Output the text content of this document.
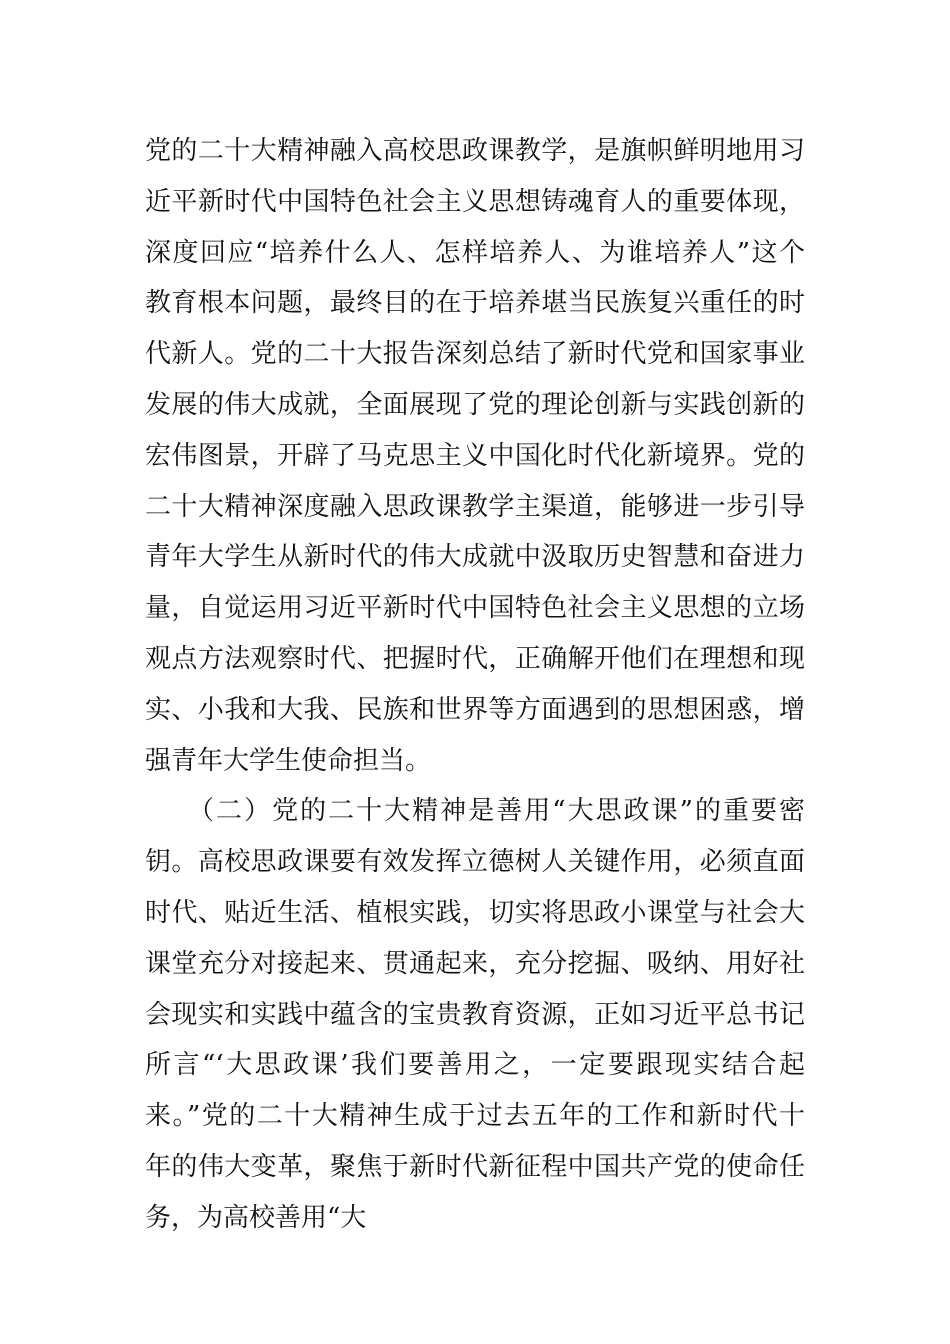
党的二十大精神融入高校思政课教学，是旗帜鲜明地用习
近平新时代中国特色社会主义思想铸魂育人的重要体现，
深度回应“培养什么人、怎样培养人、为谁培养人”这个
教育根本问题，最终目的在于培养堪当民族复兴重任的时
代新人。党的二十大报告深刻总结了新时代党和国家事业
发展的伟大成就，全面展现了党的理论创新与实践创新的
宏伟图景，开辟了马克思主义中国化时代化新境界。党的
二十大精神深度融入思政课教学主渠道，能够进一步引导
青年大学生从新时代的伟大成就中汲取历史智慧和奋进力
量，自觉运用习近平新时代中国特色社会主义思想的立场
观点方法观察时代、把握时代，正确解开他们在理想和现
实、小我和大我、民族和世界等方面遇到的思想困惑，增
强青年大学生使命担当。
　　（二）党的二十大精神是善用“大思政课”的重要密
钥。高校思政课要有效发挥立德树人关键作用，必须直面
时代、贴近生活、植根实践，切实将思政小课堂与社会大
课堂充分对接起来、贯通起来，充分挖掘、吸纳、用好社
会现实和实践中蕴含的宝贵教育资源，正如习近平总书记
所言“‘大思政课’我们要善用之，一定要跟现实结合起
来。”党的二十大精神生成于过去五年的工作和新时代十
年的伟大变革，聚焦于新时代新征程中国共产党的使命任
务，为高校善用“大
